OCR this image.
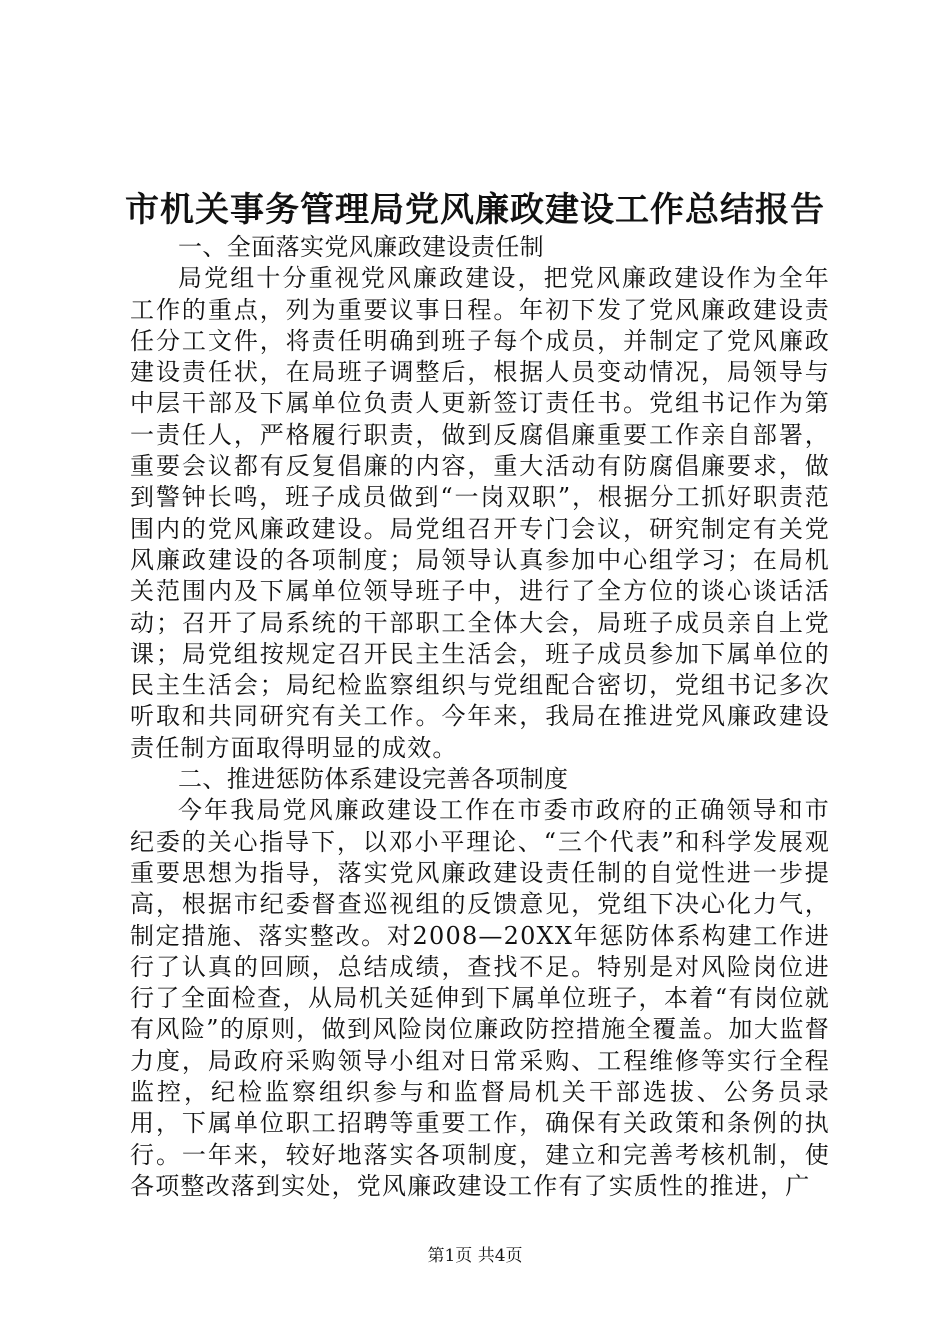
市机关事务管理局党风廉政建设工作总结报告

一、全面落实党风廉政建设责任制

局党组十分重视党风廉政建设，把党风廉政建设作为全年工作的重点，列为重要议事日程。年初下发了党风廉政建设责任分工文件，将责任明确到班子每个成员，并制定了党风廉政建设责任状，在局班子调整后，根据人员变动情况，局领导与中层干部及下属单位负责人更新签订责任书。党组书记作为第一责任人，严格履行职责，做到反腐倡廉重要工作亲自部署，重要会议都有反复倡廉的内容，重大活动有防腐倡廉要求，做到警钟长鸣，班子成员做到“一岗双职”，根据分工抓好职责范围内的党风廉政建设。局党组召开专门会议，研究制定有关党风廉政建设的各项制度；局领导认真参加中心组学习；在局机关范围内及下属单位领导班子中，进行了全方位的谈心谈话活动；召开了局系统的干部职工全体大会，局班子成员亲自上党课；局党组按规定召开民主生活会，班子成员参加下属单位的民主生活会；局纪检监察组织与党组配合密切，党组书记多次听取和共同研究有关工作。今年来，我局在推进党风廉政建设责任制方面取得明显的成效。

二、推进惩防体系建设完善各项制度

今年我局党风廉政建设工作在市委市政府的正确领导和市纪委的关心指导下，以邓小平理论、“三个代表”和科学发展观重要思想为指导，落实党风廉政建设责任制的自觉性进一步提高，根据市纪委督查巡视组的反馈意见，党组下决心化力气，制定措施、落实整改。对2008—20XX年惩防体系构建工作进行了认真的回顾，总结成绩，查找不足。特别是对风险岗位进行了全面检查，从局机关延伸到下属单位班子，本着“有岗位就有风险”的原则，做到风险岗位廉政防控措施全覆盖。加大监督力度，局政府采购领导小组对日常采购、工程维修等实行全程监控，纪检监察组织参与和监督局机关干部选拔、公务员录用，下属单位职工招聘等重要工作，确保有关政策和条例的执行。一年来，较好地落实各项制度，建立和完善考核机制，使各项整改落到实处，党风廉政建设工作有了实质性的推进，广

第1页 共4页
